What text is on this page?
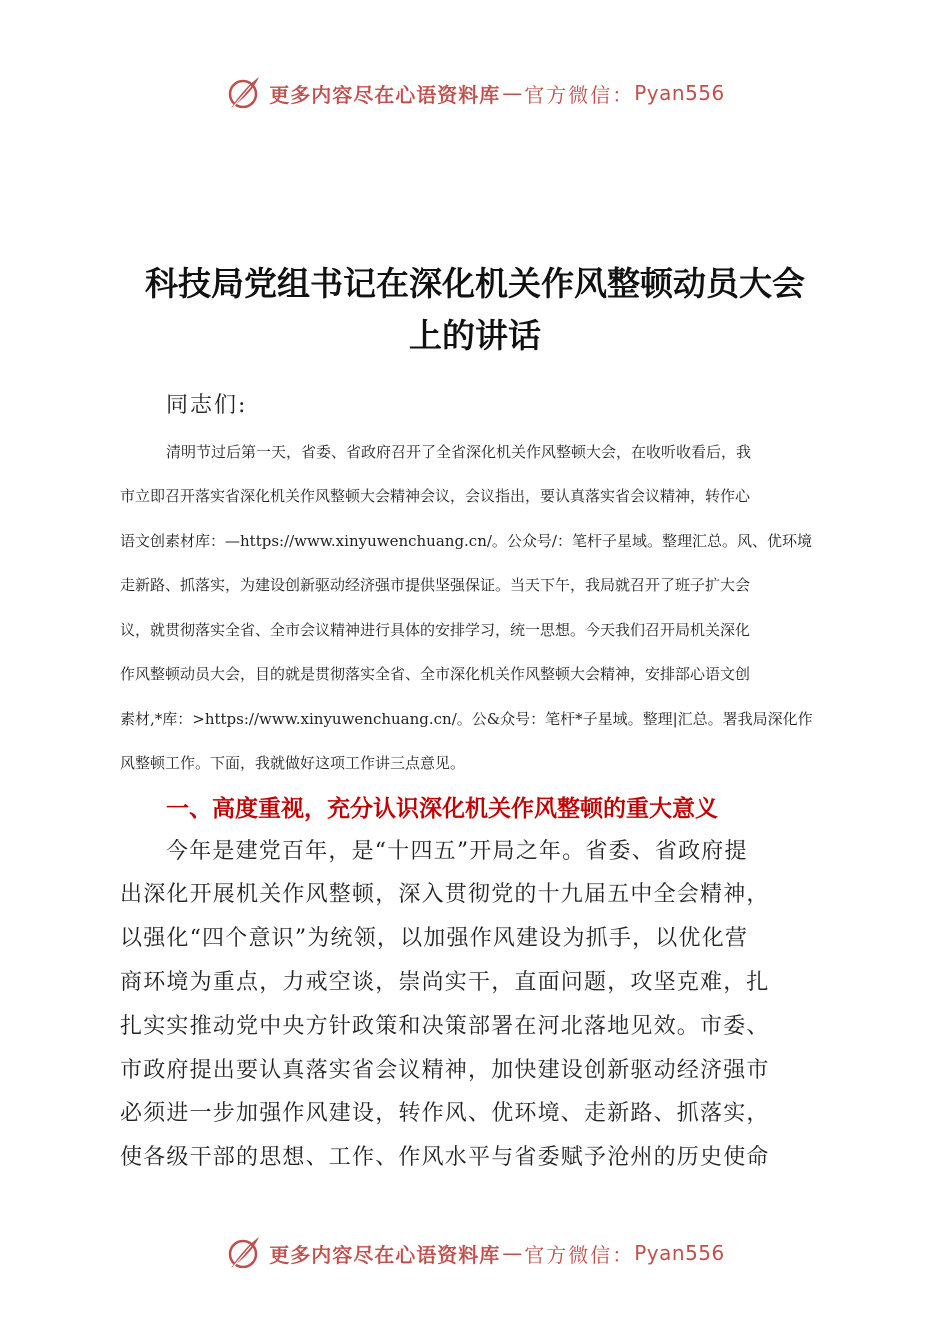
更多内容尽在心语资料库 — 官方微信： Pyan556
科技局党组书记在深化机关作风整顿动员大会
上的讲话

同志们:

清明节过后第一天，省委、省政府召开了全省深化机关作风整顿大会，在收听收看后，我
市立即召开落实省深化机关作风整顿大会精神会议，会议指出，要认真落实省会议精神，转作心
语文创素材库：—https://www.xinyuwenchuang.cn/。公众号/：笔杆子星域。整理汇总。风、优环境
走新路、抓落实，为建设创新驱动经济强市提供坚强保证。当天下午，我局就召开了班子扩大会
议，就贯彻落实全省、全市会议精神进行具体的安排学习，统一思想。今天我们召开局机关深化
作风整顿动员大会，目的就是贯彻落实全省、全市深化机关作风整顿大会精神，安排部心语文创
素材,*库：>https://www.xinyuwenchuang.cn/。公&众号：笔杆*子星域。整理|汇总。署我局深化作
风整顿工作。下面，我就做好这项工作讲三点意见。
一、高度重视，充分认识深化机关作风整顿的重大意义
今年是建党百年，是“十四五”开局之年。省委、省政府提
出深化开展机关作风整顿，深入贯彻党的十九届五中全会精神，
以强化“四个意识”为统领，以加强作风建设为抓手，以优化营
商环境为重点，力戒空谈，崇尚实干，直面问题，攻坚克难，扎
扎实实推动党中央方针政策和决策部署在河北落地见效。市委、
市政府提出要认真落实省会议精神，加快建设创新驱动经济强市
必须进一步加强作风建设，转作风、优环境、走新路、抓落实，
使各级干部的思想、工作、作风水平与省委赋予沧州的历史使命
更多内容尽在心语资料库 — 官方微信： Pyan556
